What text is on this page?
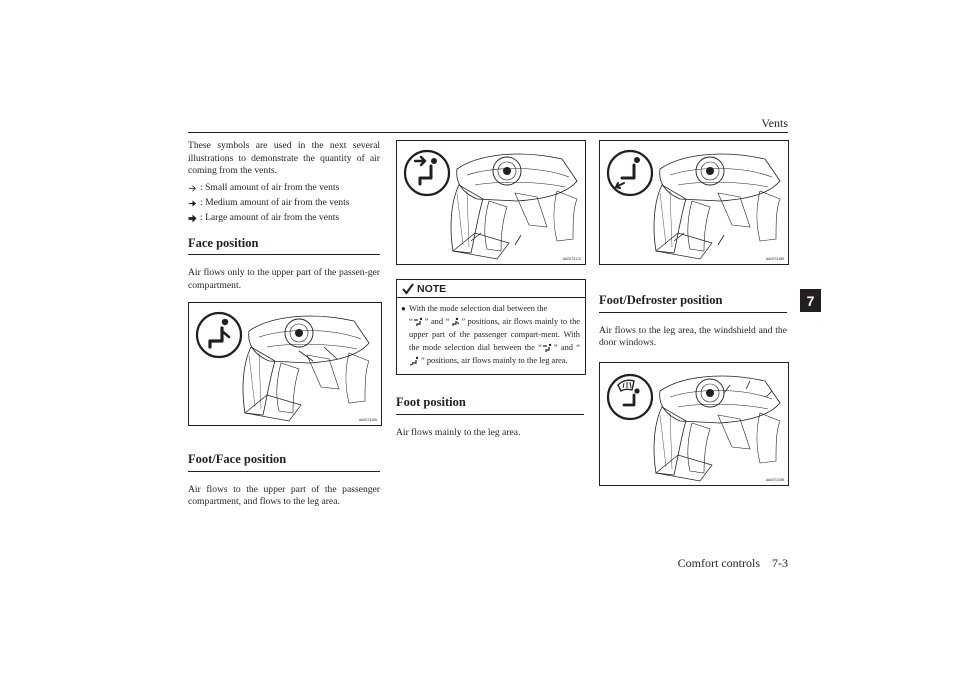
Vents
7

These symbols are used in the next several illustrations to demonstrate the quantity of air coming from the vents.

: Small amount of air from the vents
: Medium amount of air from the vents
: Large amount of air from the vents
Face position

Air flows only to the upper part of the passen-ger compartment.

AA0073169
Foot/Face position

Air flows to the upper part of the passenger compartment, and flows to the leg area.

AA0073172
NOTE
● With the mode selection dial between the
“ ” and “ ” positions, air flows mainly to the upper part of the passenger compart-ment. With the mode selection dial between the “ ” and “” positions, air flows mainly to the leg area.
Foot position

Air flows mainly to the leg area.

AA0073185
Foot/Defroster position

Air flows to the leg area, the windshield and the door windows.

AA0073198
Comfort controls    7-3
